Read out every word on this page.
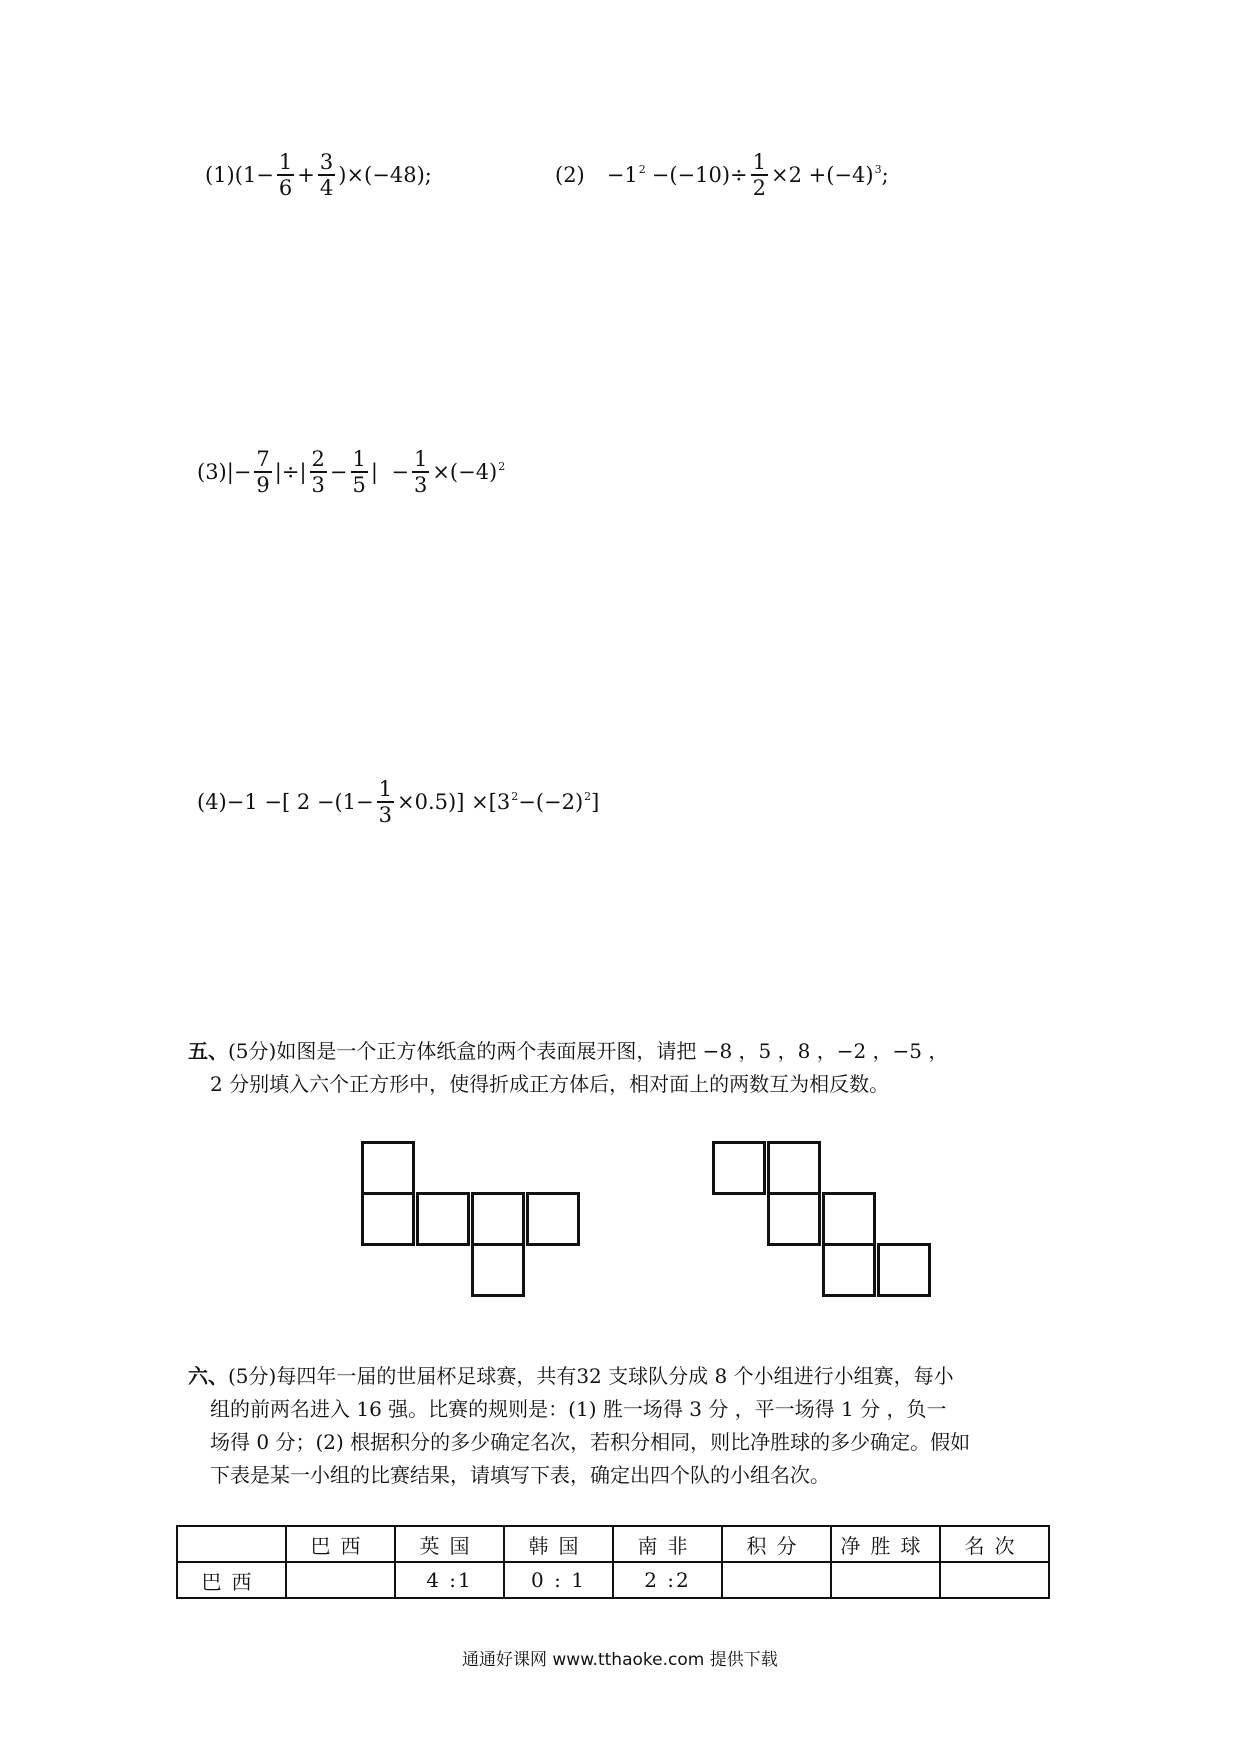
(1) $(1- \frac{1}{6} + \frac{3}{4} )\times(-48)$;	$(2) -1^2 -(-10)\div \frac{1}{2} \times 2 +(-4)^3$ ;
(3) |− $\frac{7}{9}$ |÷| $\frac{2}{3} - \frac{1}{5}$ |  − $\frac{1}{3} \times(-4)^2$
(4) −1 −[ $2 -(1- \frac{1}{3} \times 0.5)] \times[3^2 -(-2)^2$ ]
五、(5分)如图是一个正方体纸盒的两个表面展开图，请把 −8 ，5 ，8 ，−2 ，−5 ，
2 分别填入六个正方形中，使得折成正方体后，相对面上的两数互为相反数。
六、(5分)每四年一届的世届杯足球赛，共有32 支球队分成 8 个小组进行小组赛，每小
组的前两名进入 16 强。比赛的规则是：(1) 胜一场得 3 分 ，平一场得 1 分 ，负一
场得 0 分；(2) 根据积分的多少确定名次，若积分相同，则比净胜球的多少确定。假如
下表是某一小组的比赛结果，请填写下表，确定出四个队的小组名次。
	巴西	英国	韩国	南非	积分	净胜球	名次
巴西		4 :1	0 : 1	2 :2			
通通好课网 www.tthaoke.com 提供下载
